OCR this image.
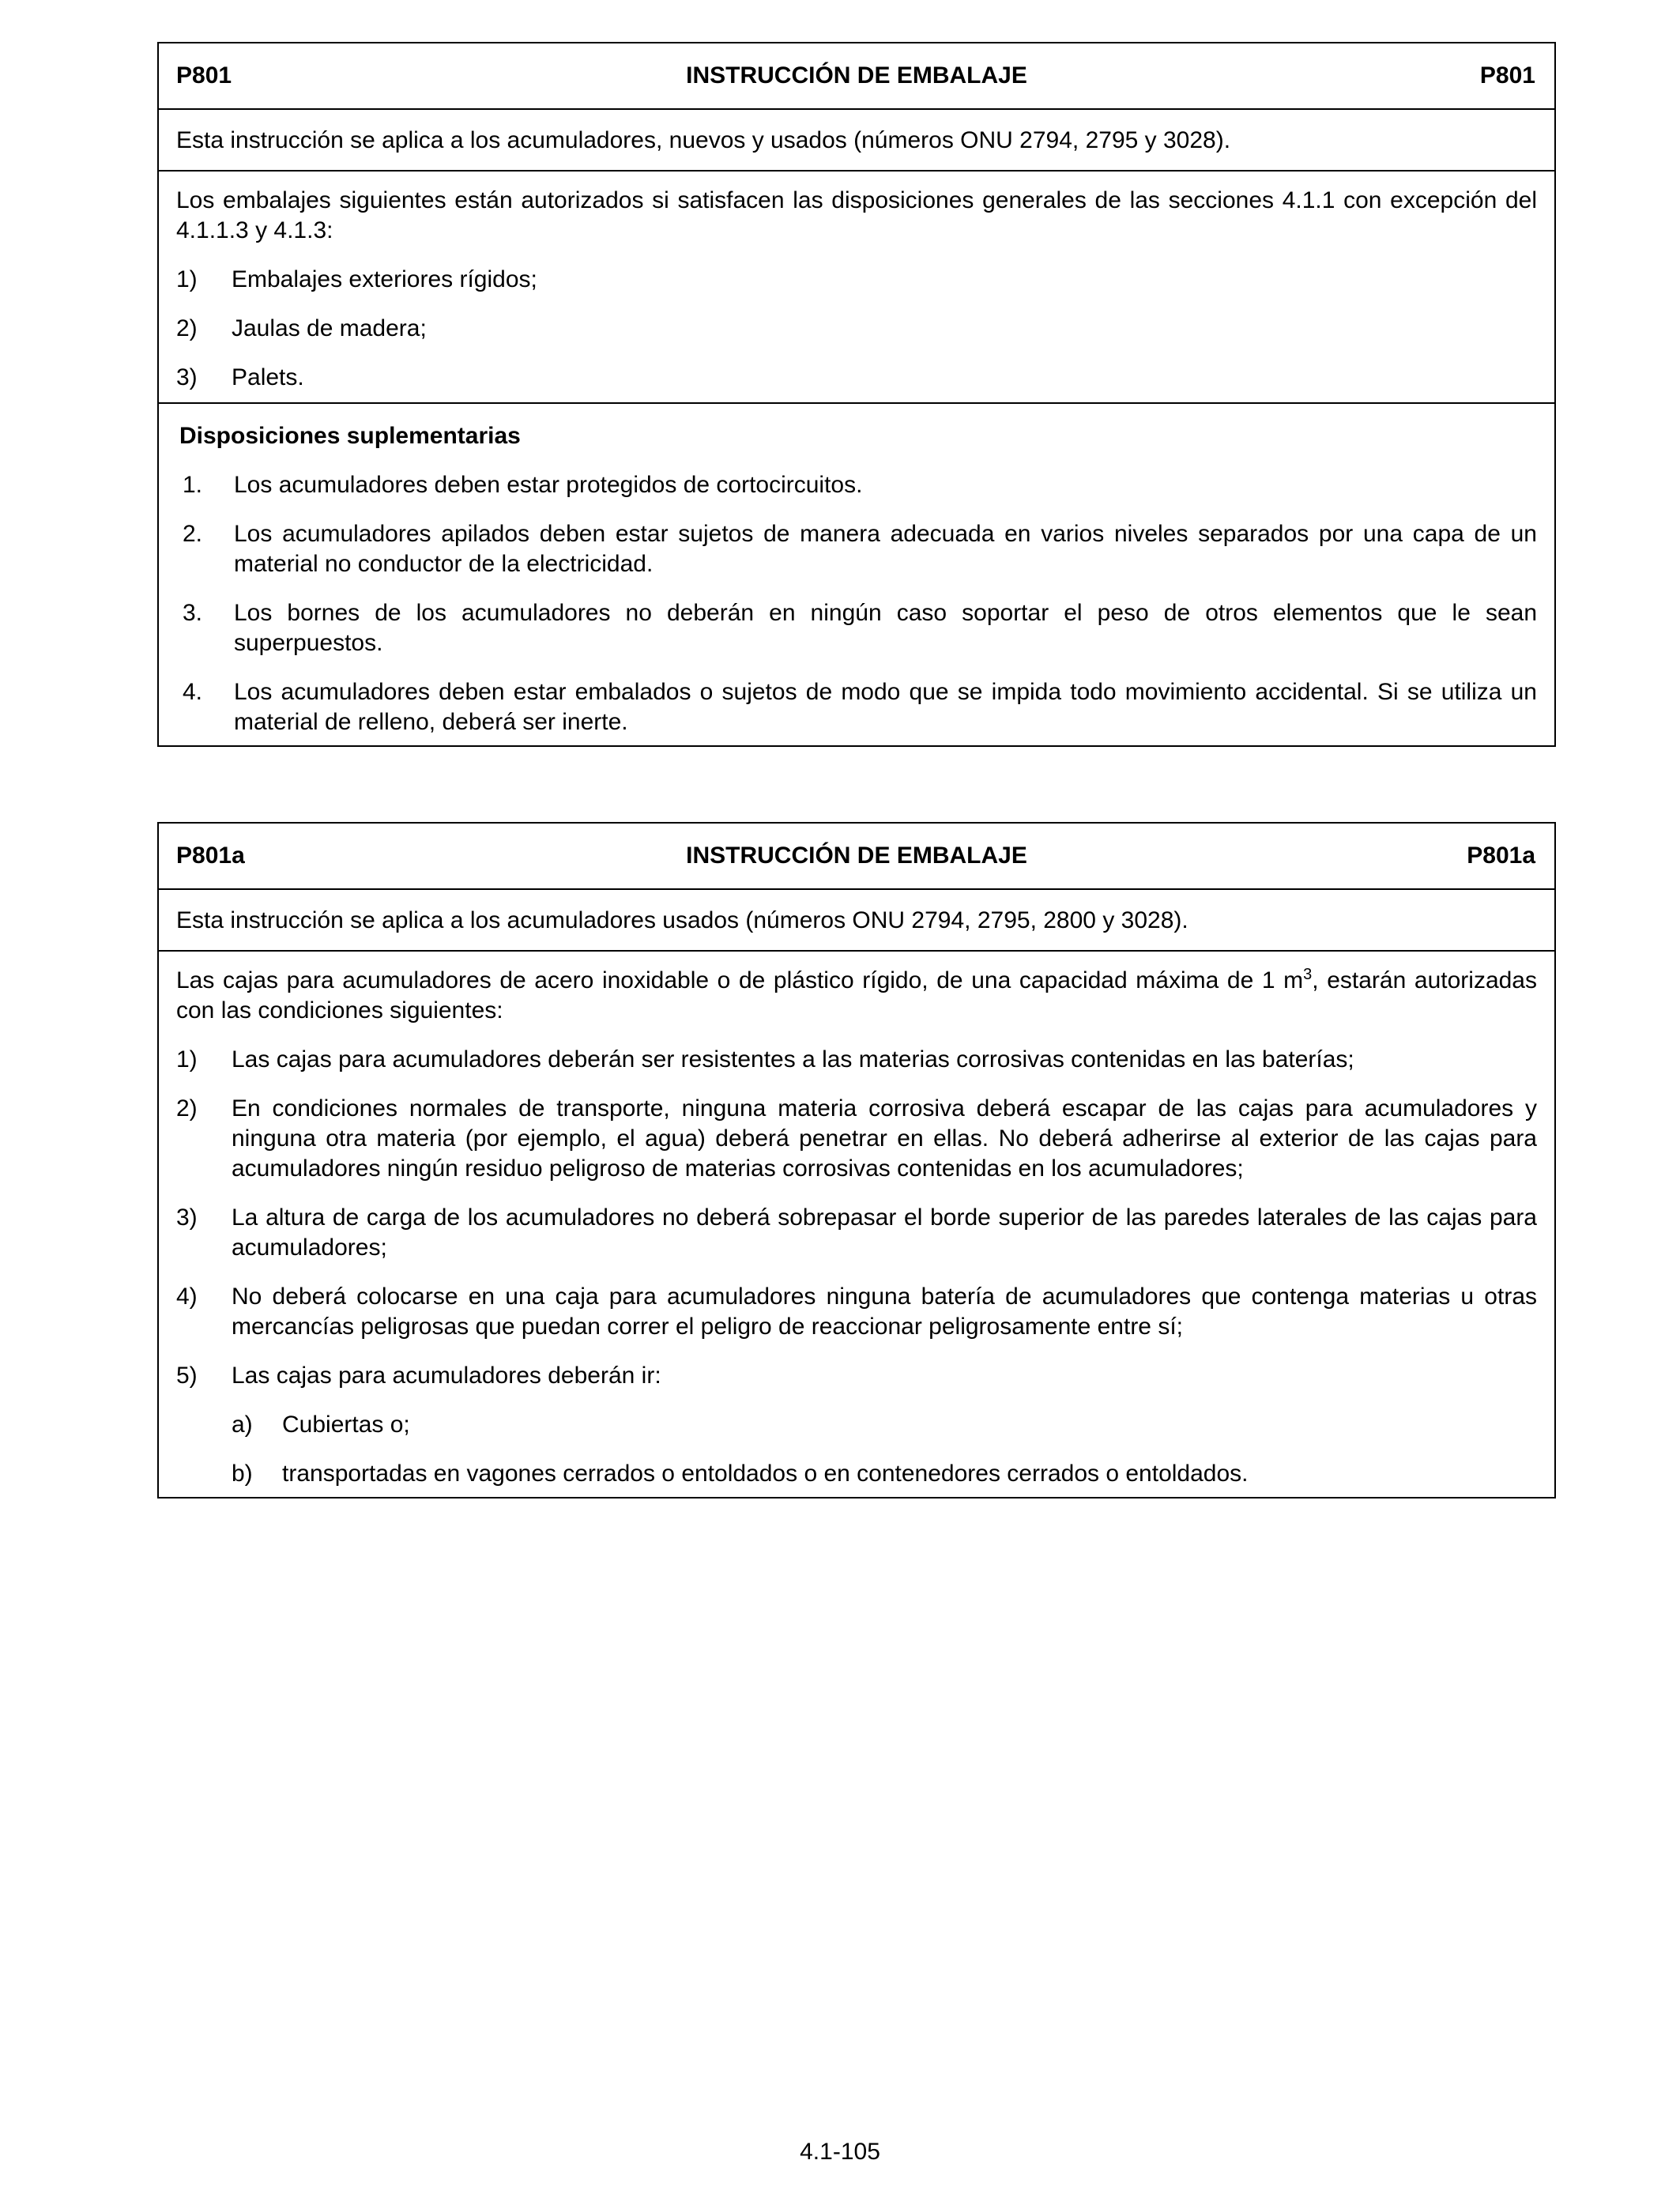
P801	INSTRUCCIÓN DE EMBALAJE	P801
Esta instrucción se aplica a los acumuladores, nuevos y usados (números ONU 2794, 2795 y 3028).
Los embalajes siguientes están autorizados si satisfacen las disposiciones generales de las secciones 4.1.1 con excepción del 4.1.1.3 y 4.1.3:
1)	Embalajes exteriores rígidos;
2)	Jaulas de madera;
3)	Palets.
Disposiciones suplementarias
1.	Los acumuladores deben estar protegidos de cortocircuitos.
2.	Los acumuladores apilados deben estar sujetos de manera adecuada en varios niveles separados por una capa de un material no conductor de la electricidad.
3.	Los bornes de los acumuladores no deberán en ningún caso soportar el peso de otros elementos que le sean superpuestos.
4.	Los acumuladores deben estar embalados o sujetos de modo que se impida todo movimiento accidental. Si se utiliza un material de relleno, deberá ser inerte.
P801a	INSTRUCCIÓN DE EMBALAJE	P801a
Esta instrucción se aplica a los acumuladores usados (números ONU 2794, 2795, 2800 y 3028).
Las cajas para acumuladores de acero inoxidable o de plástico rígido, de una capacidad máxima de 1 $m^3$, estarán autorizadas con las condiciones siguientes:
1)	Las cajas para acumuladores deberán ser resistentes a las materias corrosivas contenidas en las baterías;
2)	En condiciones normales de transporte, ninguna materia corrosiva deberá escapar de las cajas para acumuladores y ninguna otra materia (por ejemplo, el agua) deberá penetrar en ellas. No deberá adherirse al exterior de las cajas para acumuladores ningún residuo peligroso de materias corrosivas contenidas en los acumuladores;
3)	La altura de carga de los acumuladores no deberá sobrepasar el borde superior de las paredes laterales de las cajas para acumuladores;
4)	No deberá colocarse en una caja para acumuladores ninguna batería de acumuladores que contenga materias u otras mercancías peligrosas que puedan correr el peligro de reaccionar peligrosamente entre sí;
5)	Las cajas para acumuladores deberán ir:
a)	Cubiertas o;
b)	transportadas en vagones cerrados o entoldados o en contenedores cerrados o entoldados.
4.1-105
